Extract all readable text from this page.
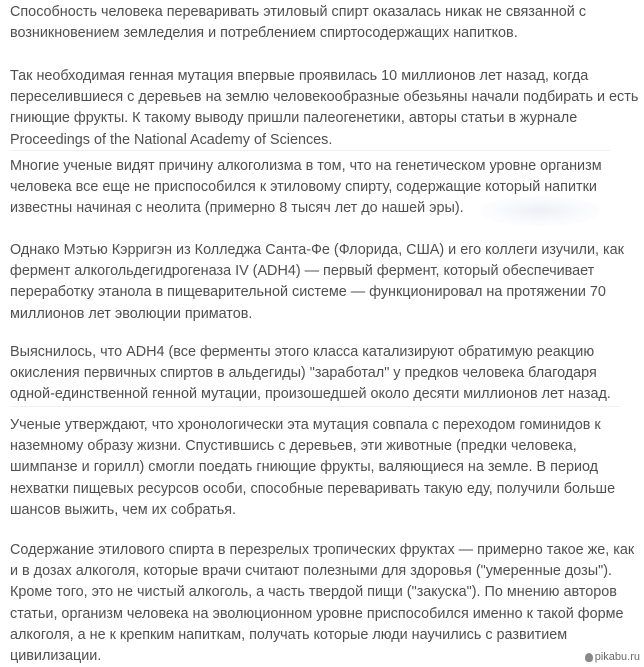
Способность человека переваривать этиловый спирт оказалась никак не связанной с
возникновением земледелия и потреблением спиртосодержащих напитков.

Так необходимая генная мутация впервые проявилась 10 миллионов лет назад, когда
переселившиеся с деревьев на землю человекообразные обезьяны начали подбирать и есть
гниющие фрукты. К такому выводу пришли палеогенетики, авторы статьи в журнале
Proceedings of the National Academy of Sciences.

Многие ученые видят причину алкоголизма в том, что на генетическом уровне организм
человека все еще не приспособился к этиловому спирту, содержащие который напитки
известны начиная с неолита (примерно 8 тысяч лет до нашей эры).

Однако Мэтью Кэрригэн из Колледжа Санта-Фе (Флорида, США) и его коллеги изучили, как
фермент алкогольдегидрогеназа IV (ADH4) — первый фермент, который обеспечивает
переработку этанола в пищеварительной системе — функционировал на протяжении 70
миллионов лет эволюции приматов.

Выяснилось, что ADH4 (все ферменты этого класса катализируют обратимую реакцию
окисления первичных спиртов в альдегиды) "заработал" у предков человека благодаря
одной-единственной генной мутации, произошедшей около десяти миллионов лет назад.

Ученые утверждают, что хронологически эта мутация совпала с переходом гоминидов к
наземному образу жизни. Спустившись с деревьев, эти животные (предки человека,
шимпанзе и горилл) смогли поедать гниющие фрукты, валяющиеся на земле. В период
нехватки пищевых ресурсов особи, способные переваривать такую еду, получили больше
шансов выжить, чем их собратья.

Содержание этилового спирта в перезрелых тропических фруктах — примерно такое же, как
и в дозах алкоголя, которые врачи считают полезными для здоровья ("умеренные дозы").
Кроме того, это не чистый алкоголь, а часть твердой пищи ("закуска"). По мнению авторов
статьи, организм человека на эволюционном уровне приспособился именно к такой форме
алкоголя, а не к крепким напиткам, получать которые люди научились с развитием
цивилизации.	pikabu.ru
